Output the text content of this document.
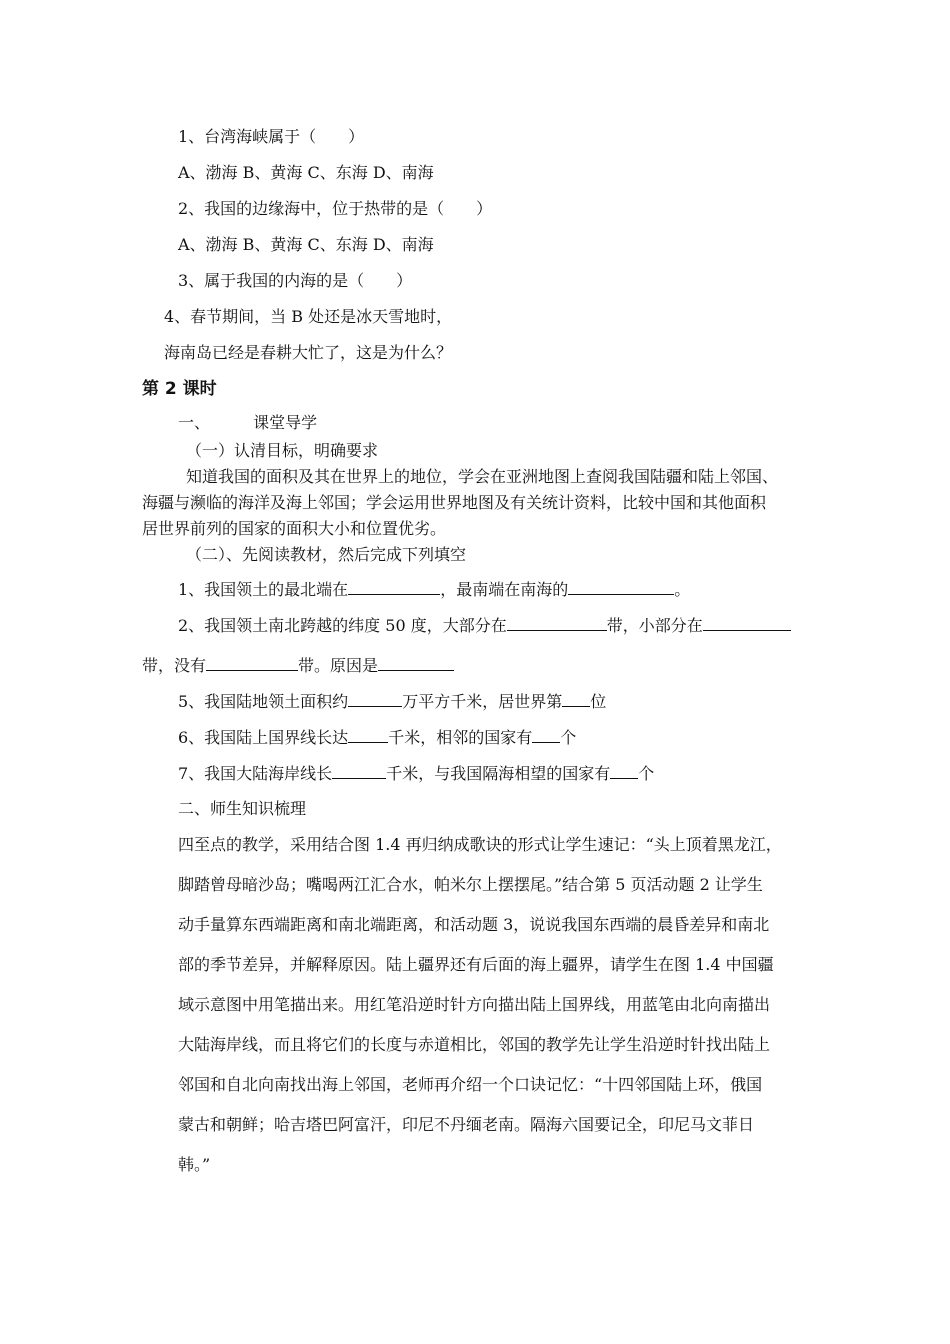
1、台湾海峡属于（　　）
A、渤海 B、黄海 C、东海 D、南海
2、我国的边缘海中，位于热带的是（　　）
A、渤海 B、黄海 C、东海 D、南海
3、属于我国的内海的是（　　）
4、春节期间，当 B 处还是冰天雪地时，
海南岛已经是春耕大忙了，这是为什么？
第 2 课时
一、	课堂导学
（一）认清目标，明确要求
知道我国的面积及其在世界上的地位，学会在亚洲地图上查阅我国陆疆和陆上邻国、
海疆与濒临的海洋及海上邻国；学会运用世界地图及有关统计资料，比较中国和其他面积
居世界前列的国家的面积大小和位置优劣。
（二）、先阅读教材，然后完成下列填空
1、我国领土的最北端在	，最南端在南海的	。
2、我国领土南北跨越的纬度 50 度，大部分在	带，小部分在
带，没有	带。原因是
5、我国陆地领土面积约	万平方千米，居世界第 位
6、我国陆上国界线长达	千米，相邻的国家有 个
7、我国大陆海岸线长	千米，与我国隔海相望的国家有 个
二、师生知识梳理
四至点的教学，采用结合图 1.4 再归纳成歌诀的形式让学生速记：“头上顶着黑龙江，
脚踏曾母暗沙岛；嘴喝两江汇合水，帕米尔上摆摆尾。”结合第 5 页活动题 2 让学生
动手量算东西端距离和南北端距离，和活动题 3，说说我国东西端的晨昏差异和南北
部的季节差异，并解释原因。陆上疆界还有后面的海上疆界，请学生在图 1.4 中国疆
域示意图中用笔描出来。用红笔沿逆时针方向描出陆上国界线，用蓝笔由北向南描出
大陆海岸线，而且将它们的长度与赤道相比，邻国的教学先让学生沿逆时针找出陆上
邻国和自北向南找出海上邻国，老师再介绍一个口诀记忆：“十四邻国陆上环，俄国
蒙古和朝鲜；哈吉塔巴阿富汗，印尼不丹缅老南。隔海六国要记全，印尼马文菲日
韩。”
